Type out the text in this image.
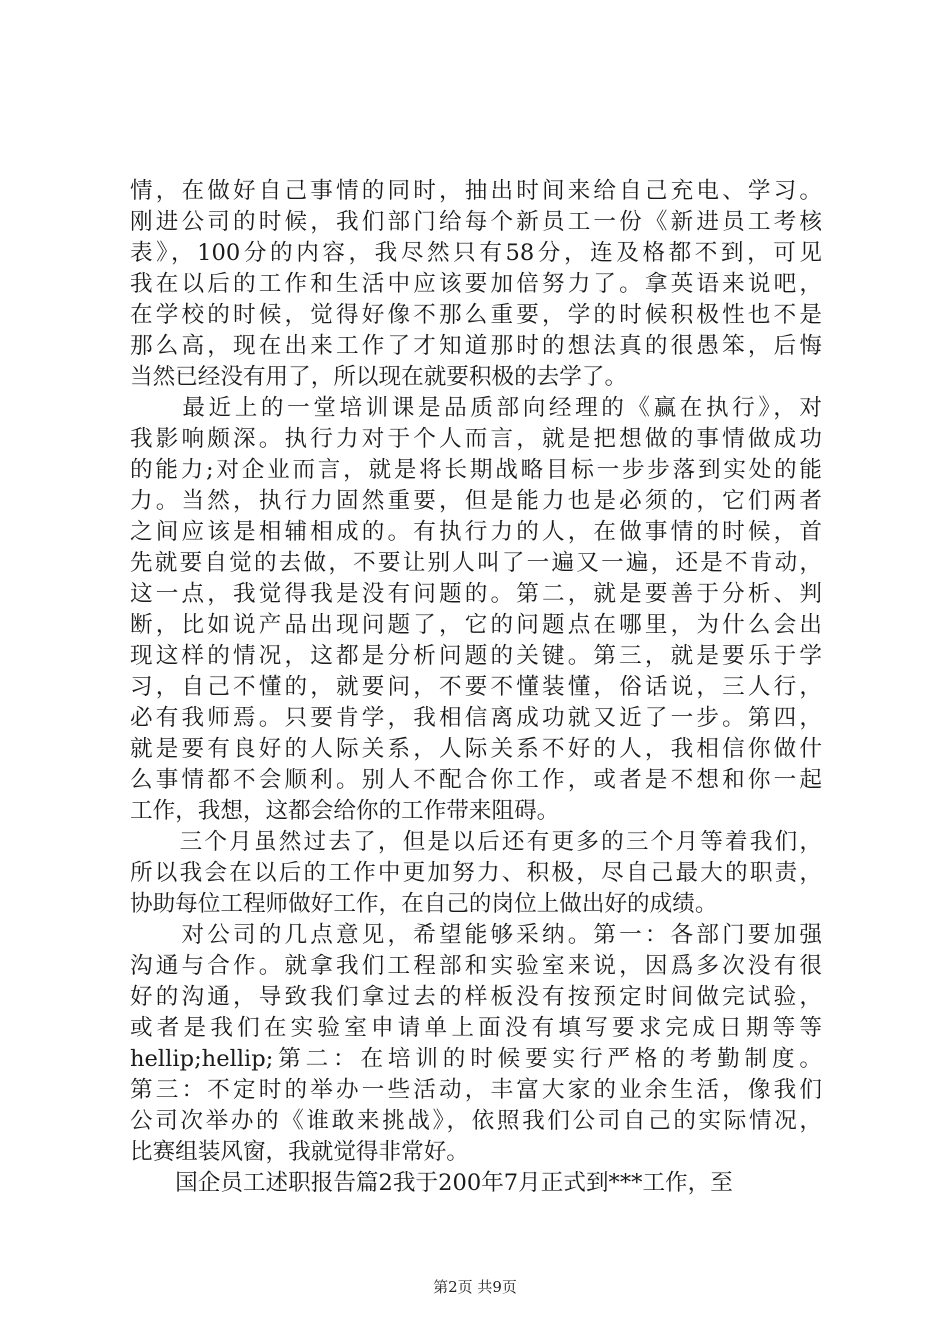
情，在做好自己事情的同时，抽出时间来给自己充电、学习。
刚进公司的时候，我们部门给每个新员工一份《新进员工考核
表》，100分的内容，我尽然只有58分，连及格都不到，可见
我在以后的工作和生活中应该要加倍努力了。拿英语来说吧，
在学校的时候，觉得好像不那么重要，学的时候积极性也不是
那么高，现在出来工作了才知道那时的想法真的很愚笨，后悔
当然已经没有用了，所以现在就要积极的去学了。
　　最近上的一堂培训课是品质部向经理的《赢在执行》，对
我影响颇深。执行力对于个人而言，就是把想做的事情做成功
的能力;对企业而言，就是将长期战略目标一步步落到实处的能
力。当然，执行力固然重要，但是能力也是必须的，它们两者
之间应该是相辅相成的。有执行力的人，在做事情的时候，首
先就要自觉的去做，不要让别人叫了一遍又一遍，还是不肯动，
这一点，我觉得我是没有问题的。第二，就是要善于分析、判
断，比如说产品出现问题了，它的问题点在哪里，为什么会出
现这样的情况，这都是分析问题的关键。第三，就是要乐于学
习，自己不懂的，就要问，不要不懂装懂，俗话说，三人行，
必有我师焉。只要肯学，我相信离成功就又近了一步。第四，
就是要有良好的人际关系，人际关系不好的人，我相信你做什
么事情都不会顺利。别人不配合你工作，或者是不想和你一起
工作，我想，这都会给你的工作带来阻碍。
　　三个月虽然过去了，但是以后还有更多的三个月等着我们，
所以我会在以后的工作中更加努力、积极，尽自己最大的职责，
协助每位工程师做好工作，在自己的岗位上做出好的成绩。
　　对公司的几点意见，希望能够采纳。第一：各部门要加强
沟通与合作。就拿我们工程部和实验室来说，因爲多次没有很
好的沟通，导致我们拿过去的样板没有按预定时间做完试验，
或者是我们在实验室申请单上面没有填写要求完成日期等等
hellip;hellip;第二：在培训的时候要实行严格的考勤制度。
第三：不定时的举办一些活动，丰富大家的业余生活，像我们
公司次举办的《谁敢来挑战》，依照我们公司自己的实际情况，
比赛组装风窗，我就觉得非常好。
　　国企员工述职报告篇2我于200年7月正式到***工作，至
第2页 共9页
